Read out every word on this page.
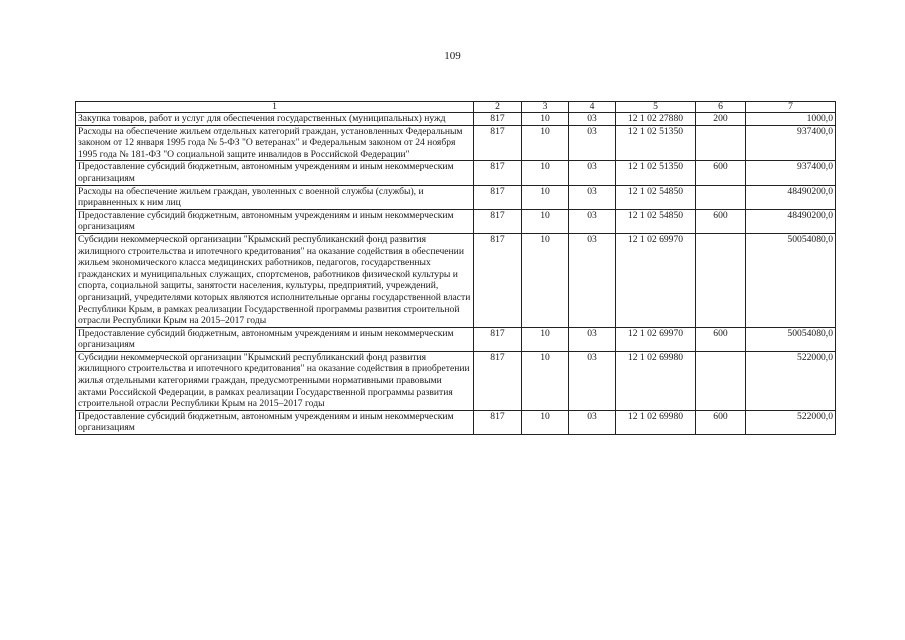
109
1	2	3	4	5	6	7
Закупка товаров, работ и услуг для обеспечения государственных (муниципальных) нужд	817	10	03	12 1 02 27880	200	1000,0
Расходы на обеспечение жильем отдельных категорий граждан, установленных Федеральным законом от 12 января 1995 года № 5-ФЗ "О ветеранах" и Федеральным законом от 24 ноября 1995 года № 181-ФЗ "О социальной защите инвалидов в Российской Федерации"	817	10	03	12 1 02 51350		937400,0
Предоставление субсидий бюджетным, автономным учреждениям и иным некоммерческим организациям	817	10	03	12 1 02 51350	600	937400,0
Расходы на обеспечение жильем граждан, уволенных с военной службы (службы), и приравненных к ним лиц	817	10	03	12 1 02 54850		48490200,0
Предоставление субсидий бюджетным, автономным учреждениям и иным некоммерческим организациям	817	10	03	12 1 02 54850	600	48490200,0
Субсидии некоммерческой организации "Крымский республиканский фонд развития жилищного строительства и ипотечного кредитования" на оказание содействия в обеспечении жильем экономического класса медицинских работников, педагогов, государственных гражданских и муниципальных служащих, спортсменов, работников физической культуры и спорта, социальной защиты, занятости населения, культуры, предприятий, учреждений, организаций, учредителями которых являются исполнительные органы государственной власти Республики Крым, в рамках реализации Государственной программы развития строительной отрасли Республики Крым на 2015–2017 годы	817	10	03	12 1 02 69970		50054080,0
Предоставление субсидий бюджетным, автономным учреждениям и иным некоммерческим организациям	817	10	03	12 1 02 69970	600	50054080,0
Субсидии некоммерческой организации "Крымский республиканский фонд развития жилищного строительства и ипотечного кредитования" на оказание содействия в приобретении жилья отдельными категориями граждан, предусмотренными нормативными правовыми актами Российской Федерации, в рамках реализации Государственной программы развития строительной отрасли Республики Крым на 2015–2017 годы	817	10	03	12 1 02 69980		522000,0
Предоставление субсидий бюджетным, автономным учреждениям и иным некоммерческим организациям	817	10	03	12 1 02 69980	600	522000,0
